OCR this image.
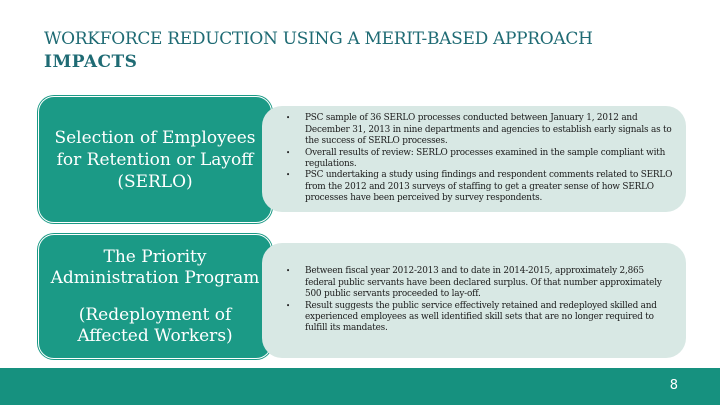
WORKFORCE REDUCTION USING A MERIT-BASED APPROACH
IMPACTS
Selection of Employees for Retention or Layoff (SERLO)
• PSC sample of 36 SERLO processes conducted between January 1, 2012 and December 31, 2013 in nine departments and agencies to establish early signals as to the success of SERLO processes.
• Overall results of review: SERLO processes examined in the sample compliant with regulations.
• PSC undertaking a study using findings and respondent comments related to SERLO from the 2012 and 2013 surveys of staffing to get a greater sense of how SERLO processes have been perceived by survey respondents.
The Priority Administration Program
(Redeployment of Affected Workers)
• Between fiscal year 2012-2013 and to date in 2014-2015, approximately 2,865 federal public servants have been declared surplus. Of that number approximately 500 public servants proceeded to lay-off.
• Result suggests the public service effectively retained and redeployed skilled and experienced employees as well identified skill sets that are no longer required to fulfill its mandates.
8
